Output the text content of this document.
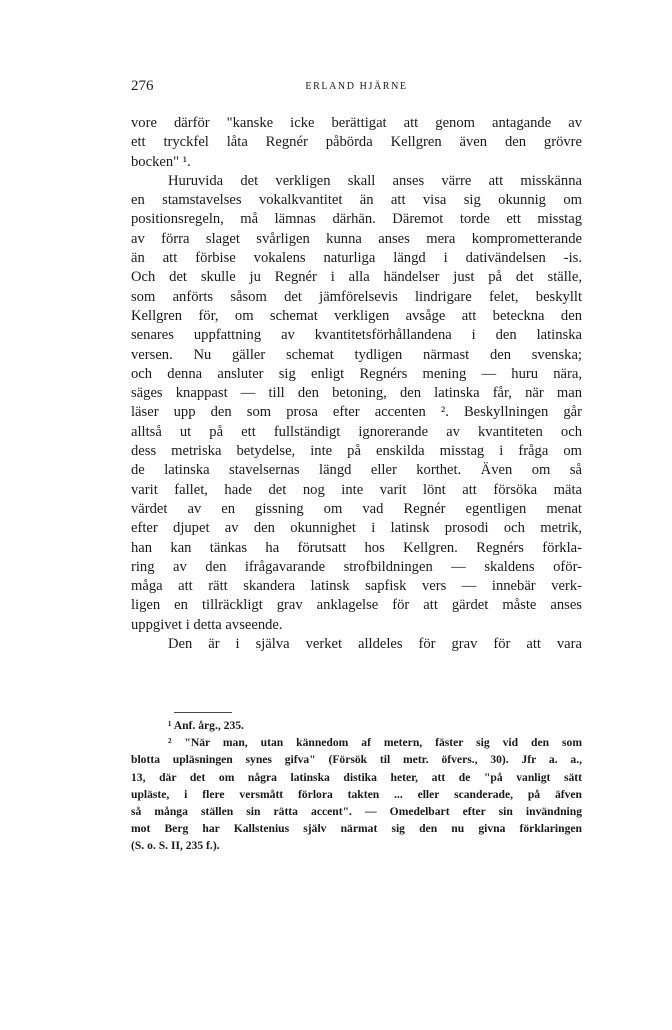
276	ERLAND HJÄRNE
vore därför "kanske icke berättigat att genom antagande av
ett tryckfel låta Regnér påbörda Kellgren även den grövre
bocken" ¹.
Huruvida det verkligen skall anses värre att misskänna
en stamstavelses vokalkvantitet än att visa sig okunnig om
positionsregeln, må lämnas därhän. Däremot torde ett misstag
av förra slaget svårligen kunna anses mera komprometterande
än att förbise vokalens naturliga längd i dativändelsen -is.
Och det skulle ju Regnér i alla händelser just på det ställe,
som anförts såsom det jämförelsevis lindrigare felet, beskyllt
Kellgren för, om schemat verkligen avsåge att beteckna den
senares uppfattning av kvantitetsförhållandena i den latinska
versen. Nu gäller schemat tydligen närmast den svenska;
och denna ansluter sig enligt Regnérs mening — huru nära,
säges knappast — till den betoning, den latinska får, när man
läser upp den som prosa efter accenten ². Beskyllningen går
alltså ut på ett fullständigt ignorerande av kvantiteten och
dess metriska betydelse, inte på enskilda misstag i fråga om
de latinska stavelsernas längd eller korthet. Även om så
varit fallet, hade det nog inte varit lönt att försöka mäta
värdet av en gissning om vad Regnér egentligen menat
efter djupet av den okunnighet i latinsk prosodi och metrik,
han kan tänkas ha förutsatt hos Kellgren. Regnérs förkla-
ring av den ifrågavarande strofbildningen — skaldens oför-
måga att rätt skandera latinsk sapfisk vers — innebär verk-
ligen en tillräckligt grav anklagelse för att gärdet måste anses
uppgivet i detta avseende.
Den är i själva verket alldeles för grav för att vara
¹ Anf. årg., 235.
² "När man, utan kännedom af metern, fäster sig vid den som
blotta upläsningen synes gifva" (Försök til metr. öfvers., 30). Jfr a. a.,
13, där det om några latinska distika heter, att de "på vanligt sätt
upläste, i flere versmått förlora takten ... eller scanderade, på äfven
så många ställen sin rätta accent". — Omedelbart efter sin invändning
mot Berg har Kallstenius själv närmat sig den nu givna förklaringen
(S. o. S. II, 235 f.).
